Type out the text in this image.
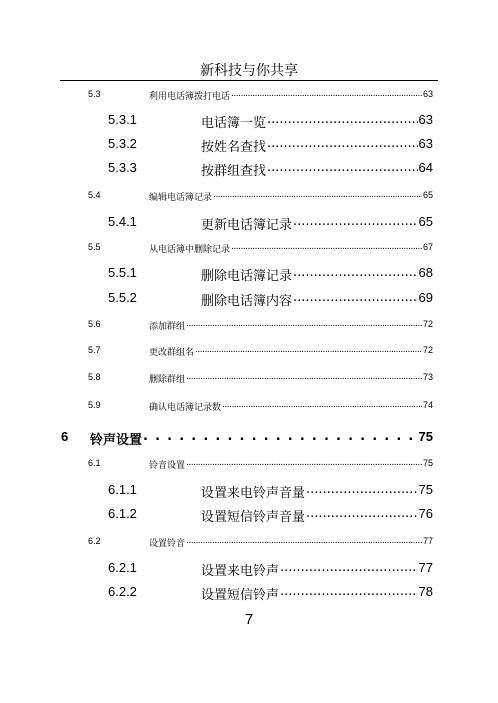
新科技与你共享
5.3	利用电话簿拨打电话 .....	63
5.3.1	电话簿一览 .....	63
5.3.2	按姓名查找 .....	63
5.3.3	按群组查找 .....	64
5.4	编辑电话簿记录 .....	65
5.4.1	更新电话簿记录 .....	65
5.5	从电话簿中删除记录 .....	67
5.5.1	删除电话簿记录 .....	68
5.5.2	删除电话簿内容 .....	69
5.6	添加群组 .....	72
5.7	更改群组名 .....	72
5.8	删除群组 .....	73
5.9	确认电话簿记录数 .....	74
6 铃声设置 . . .	75
6.1	铃音设置 .....	75
6.1.1	设置来电铃声音量 .....	75
6.1.2	设置短信铃声音量 .....	76
6.2	设置铃音 .....	77
6.2.1	设置来电铃声 .....	77
6.2.2	设置短信铃声 .....	78
7
